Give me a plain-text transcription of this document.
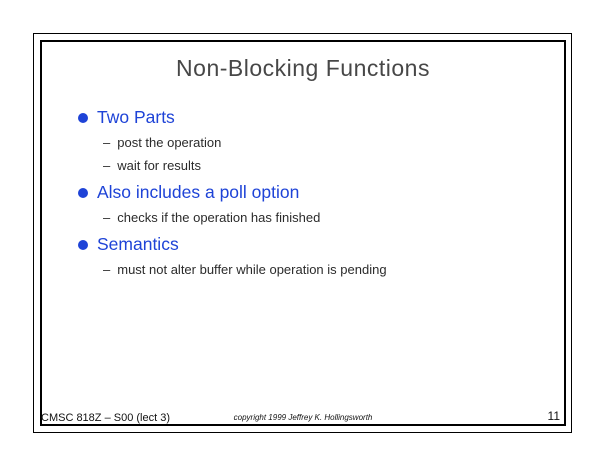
Non-Blocking Functions
Two Parts
– post the operation
– wait for results
Also includes a poll option
– checks if the operation has finished
Semantics
– must not alter buffer while operation is pending
CMSC 818Z – S00 (lect 3)	copyright 1999 Jeffrey K. Hollingsworth	11
